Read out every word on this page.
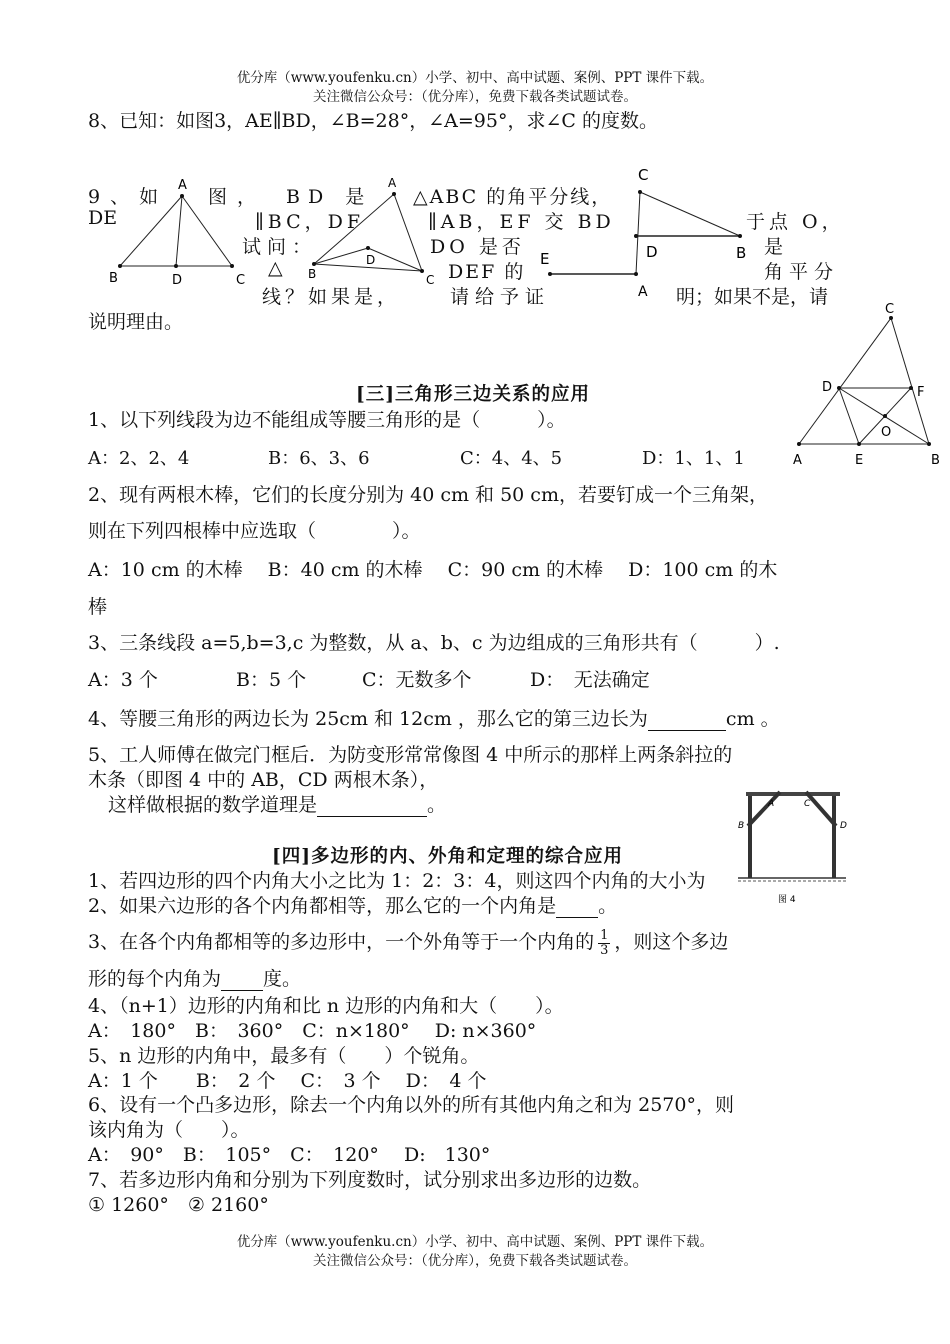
优分库（www.youfenku.cn）小学、初中、高中试题、案例、PPT 课件下载。
关注微信公众号：（优分库），免费下载各类试题试卷。
8、已知：如图3，AE∥BD，∠B=28°，∠A=95°，求∠C 的度数。
9、如 图， BD 是 △ABC 的角平分线，
DE	∥BC，DF	∥AB，EF 交 BD	于点 O，
试问：	DO 是否	是
△	DEF 的	角平分
线？如果是，	请给予证	明；如果不是，请
说明理由。
A
B	D	C
A
B
D
C
C
D	B
E
A
C
D	F
O
A	E	B
[三]三角形三边关系的应用
1、以下列线段为边不能组成等腰三角形的是（　　　）。
A：2、2、4	B：6、3、6	C：4、4、5	D：1、1、1
2、现有两根木棒，它们的长度分别为 40 cm 和 50 cm，若要钉成一个三角架，
则在下列四根棒中应选取（　　　　）。
A：10 cm 的木棒　 B：40 cm 的木棒　 C：90 cm 的木棒　 D：100 cm 的木
棒
3、三条线段 a=5,b=3,c 为整数，从 a、b、c 为边组成的三角形共有（　　　）.
A：3 个	B：5 个	C：无数多个	D：　无法确定
4、等腰三角形的两边长为 25cm 和 12cm ，那么它的第三边长为	cm 。
5、工人师傅在做完门框后．为防变形常常像图 4 中所示的那样上两条斜拉的
木条（即图 4 中的 AB，CD 两根木条），
这样做根据的数学道理是	。	A	C
B	D
图 4
[四]多边形的内、外角和定理的综合应用
1、若四边形的四个内角大小之比为 1：2：3：4，则这四个内角的大小为
2、如果六边形的各个内角都相等，那么它的一个内角是 。
3、在各个内角都相等的多边形中，一个外角等于一个内角的 $\frac{1}{3}$ ，则这个多边
形的每个内角为 度。
4、（n+1）边形的内角和比 n 边形的内角和大（　　）。
A：　180°　B：　360°　C：n×180°　 D: n×360°
5、n 边形的内角中，最多有（　　）个锐角。
A：1 个　　B：　2 个　 C：　3 个　 D：　4 个
6、设有一个凸多边形，除去一个内角以外的所有其他内角之和为 2570°，则
该内角为（　　）。
A：　90°　B：　105°　C：　120°　 D:　130°
7、若多边形内角和分别为下列度数时，试分别求出多边形的边数。
① 1260°　② 2160°
优分库（www.youfenku.cn）小学、初中、高中试题、案例、PPT 课件下载。
关注微信公众号：（优分库），免费下载各类试题试卷。
